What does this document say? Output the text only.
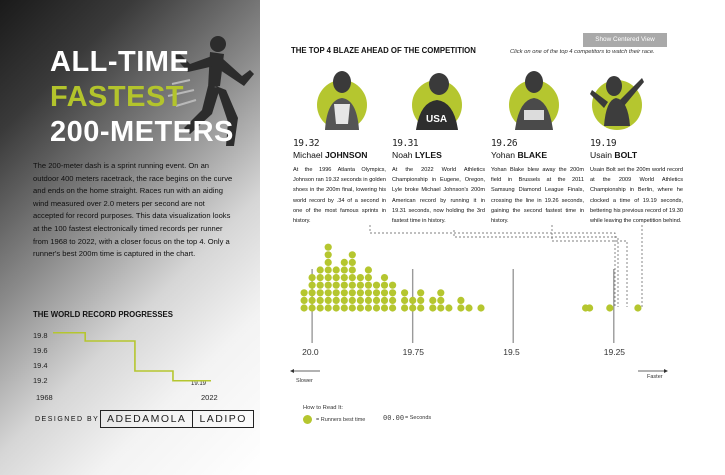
ALL-TIME
FASTEST
200-METERS

The 200-meter dash is a sprint running event. On an outdoor 400 meters racetrack, the race begins on the curve and ends on the home straight. Races run with an aiding wind measured over 2.0 meters per second are not accepted for record purposes. This data visualization looks at the 100 fastest electronically timed records per runner from 1968 to 2022, with a closer focus on the top 4. Only a runner's best 200m time is captured in the chart.

THE WORLD RECORD PROGRESSES
19.8
19.6
19.4
19.2
1968	2022
19.19
DESIGNED BY ADEDAMOLA	LADIPO
THE TOP 4 BLAZE AHEAD OF THE COMPETITION
Show Centered View
Click on one of the top 4 competitors to watch their race.
19.32
Michael JOHNSON
At the 1996 Atlanta Olympics, Johnson ran 19.32 seconds in golden shoes in the 200m final, lowering his world record by .34 of a second in one of the most famous sprints in history.
USA
19.31
Noah LYLES
At the 2022 World Athletics Championship in Eugene, Oregon, Lyle broke Michael Johnson's 200m American record by running it in 19.31 seconds, now holding the 3rd fastest time in history.
19.26
Yohan BLAKE
Yohan Blake blew away the 200m field in Brussels at the 2011 Samsung Diamond League Finals, crossing the line in 19.26 seconds, gaining the second fastest time in history.
19.19
Usain BOLT
Usain Bolt set the 200m world record at the 2009 World Athletics Championship in Berlin, where he clocked a time of 19.19 seconds, bettering his previous record of 19.30 while leaving the competition behind.
20.0	19.75	19.5	19.25
Slower
Faster
How to Read It:
= Runners best time	00.00 = Seconds
